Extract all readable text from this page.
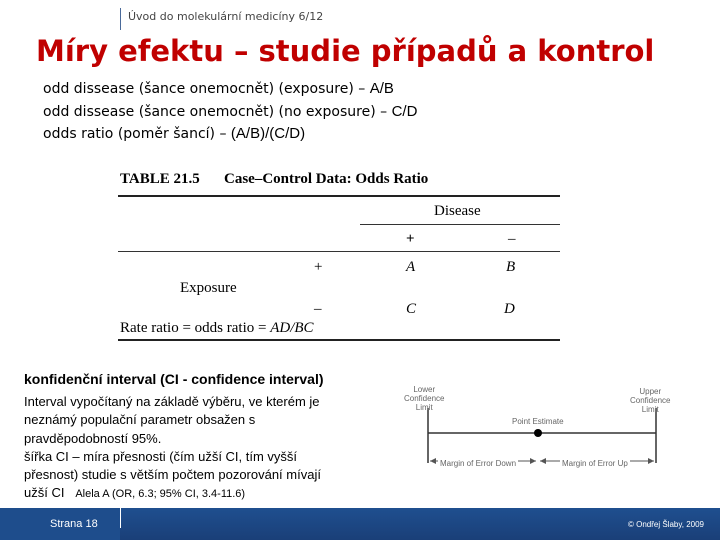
Úvod do molekulární medicíny 6/12
Míry efektu – studie případů a kontrol
odd dissease (šance onemocnět) (exposure) – A/B
odd dissease (šance onemocnět) (no exposure) – C/D
odds ratio (poměr šancí) – (A/B)/(C/D)
TABLE 21.5 Case–Control Data: Odds Ratio
Disease
+	–
+	A	B
Exposure
–	C	D
Rate ratio = odds ratio = AD/BC
konfidenční interval (CI - confidence interval)

Interval vypočítaný na základě výběru, ve kterém je

neznámý populační parametr obsažen s

pravděpodobností 95%.

šířka CI – míra přesnosti (čím užší CI, tím vyšší

přesnost) studie s větším počtem pozorování mívají

užší CI Alela A (OR, 6.3; 95% CI, 3.4-11.6)

Lower
Confidence
Limit
Upper
Confidence
Limit
Point Estimate
Margin of Error Down	Margin of Error Up
Strana 18	© Ondřej Šlaby, 2009
